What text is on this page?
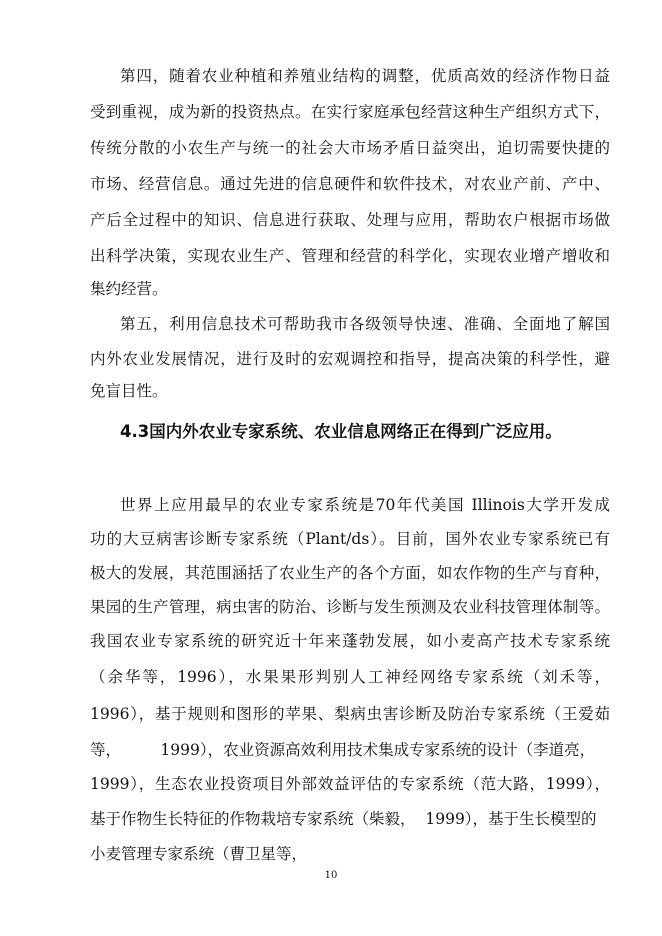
第四，随着农业种植和养殖业结构的调整，优质高效的经济作物日益
受到重视，成为新的投资热点。在实行家庭承包经营这种生产组织方式下，
传统分散的小农生产与统一的社会大市场矛盾日益突出，迫切需要快捷的
市场、经营信息。通过先进的信息硬件和软件技术，对农业产前、产中、
产后全过程中的知识、信息进行获取、处理与应用，帮助农户根据市场做
出科学决策，实现农业生产、管理和经营的科学化，实现农业增产增收和
集约经营。
第五，利用信息技术可帮助我市各级领导快速、准确、全面地了解国
内外农业发展情况，进行及时的宏观调控和指导，提高决策的科学性，避
免盲目性。
4.3国内外农业专家系统、农业信息网络正在得到广泛应用。
世界上应用最早的农业专家系统是70年代美国 Illinois大学开发成
功的大豆病害诊断专家系统（Plant/ds）。目前，国外农业专家系统已有
极大的发展，其范围涵括了农业生产的各个方面，如农作物的生产与育种，
果园的生产管理，病虫害的防治、诊断与发生预测及农业科技管理体制等。
我国农业专家系统的研究近十年来蓬勃发展，如小麦高产技术专家系统
（余华等，1996），水果果形判别人工神经网络专家系统（刘禾等，
1996），基于规则和图形的苹果、梨病虫害诊断及防治专家系统（王爱茹
等，        1999），农业资源高效利用技术集成专家系统的设计（李道亮，
1999），生态农业投资项目外部效益评估的专家系统（范大路，1999），
基于作物生长特征的作物栽培专家系统（柴毅，  1999），基于生长模型的
小麦管理专家系统（曹卫星等，
10
